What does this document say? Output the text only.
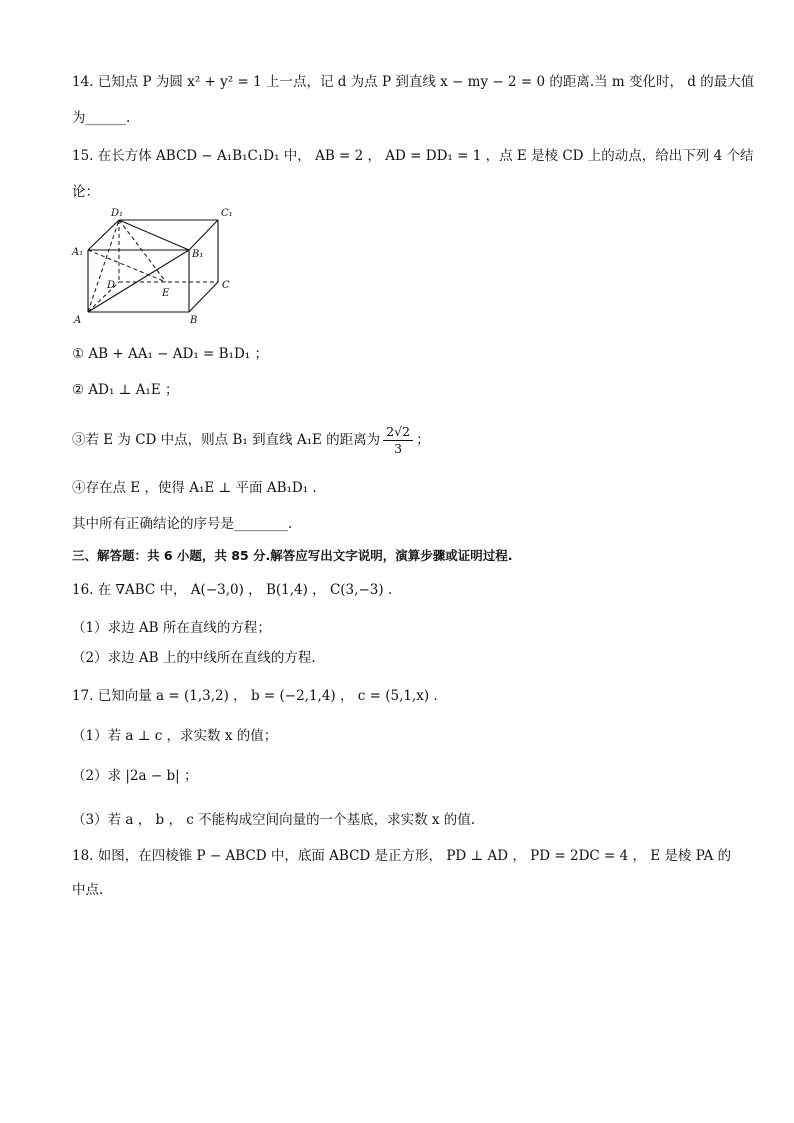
14. 已知点 P 为圆 x² + y² = 1 上一点，记 d 为点 P 到直线 x − my − 2 = 0 的距离.当 m 变化时， d 的最大值
为______.
15. 在长方体 ABCD − A₁B₁C₁D₁ 中， AB = 2 ， AD = DD₁ = 1 ，点 E 是棱 CD 上的动点，给出下列 4 个结
论：
D₁	C₁
A₁	B₁
D	C
E
A	B
① AB + AA₁ − AD₁ = B₁D₁ ；
② AD₁ ⊥ A₁E ；
③若 E 为 CD 中点，则点 B₁ 到直线 A₁E 的距离为 $\frac{2√2}{3}$ ；
④存在点 E ，使得 A₁E ⊥ 平面 AB₁D₁ .
其中所有正确结论的序号是________.
三、解答题：共 6 小题，共 85 分.解答应写出文字说明，演算步骤或证明过程.
16. 在 ∇ABC 中， A(−3,0) ， B(1,4) ， C(3,−3) .
（1）求边 AB 所在直线的方程；
（2）求边 AB 上的中线所在直线的方程.
17. 已知向量 a = (1,3,2) ， b = (−2,1,4) ， c = (5,1,x) .
（1）若 a ⊥ c ，求实数 x 的值；
（2）求 |2a − b| ；
（3）若 a ， b ， c 不能构成空间向量的一个基底，求实数 x 的值.
18. 如图，在四棱锥 P − ABCD 中，底面 ABCD 是正方形， PD ⊥ AD ， PD = 2DC = 4 ， E 是棱 PA 的
中点.
